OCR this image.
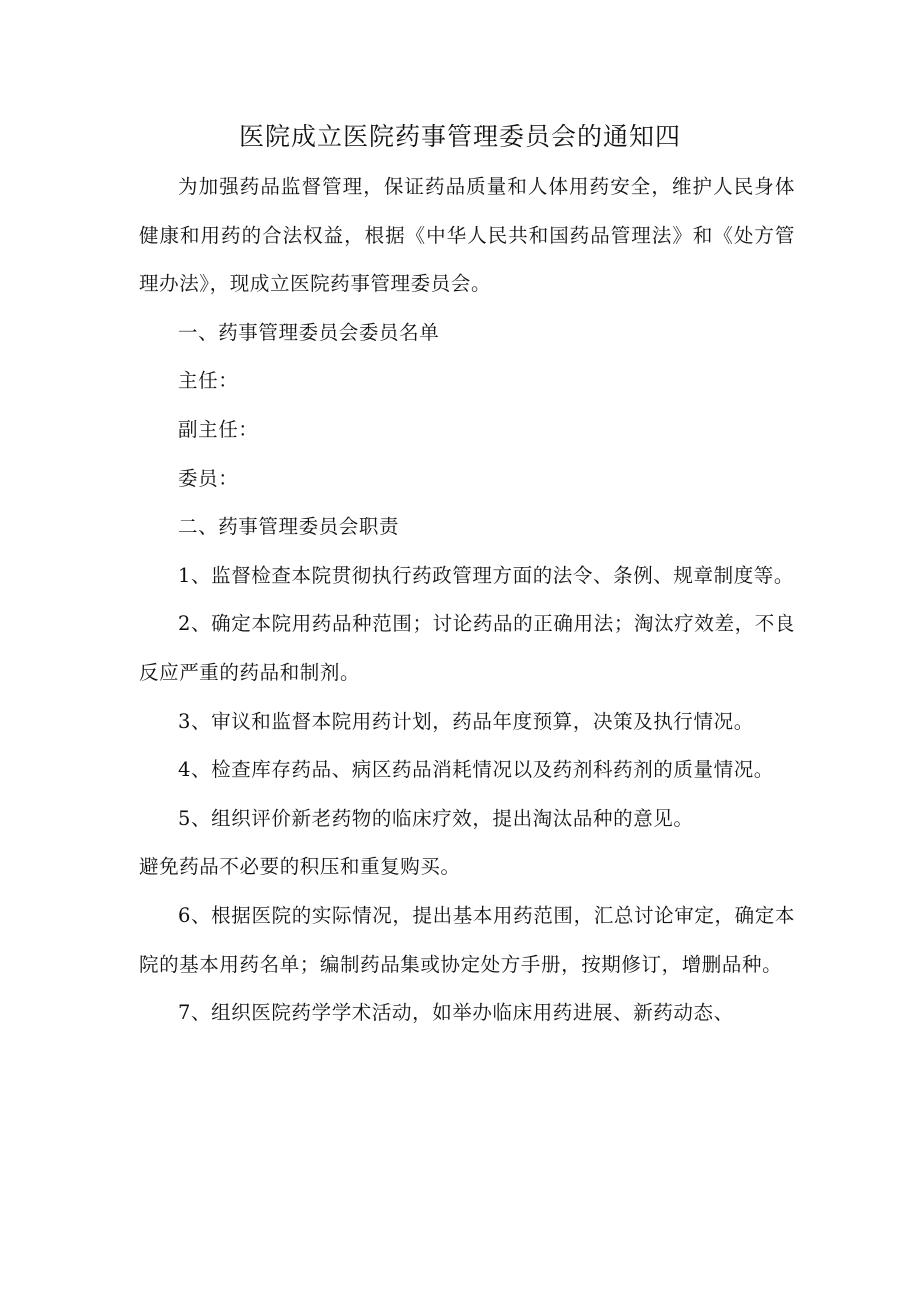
医院成立医院药事管理委员会的通知四

为加强药品监督管理，保证药品质量和人体用药安全，维护人民身体健康和用药的合法权益，根据《中华人民共和国药品管理法》和《处方管理办法》，现成立医院药事管理委员会。

一、药事管理委员会委员名单

主任：

副主任：

委员：

二、药事管理委员会职责

1、监督检查本院贯彻执行药政管理方面的法令、条例、规章制度等。

2、确定本院用药品种范围；讨论药品的正确用法；淘汰疗效差，不良反应严重的药品和制剂。

3、审议和监督本院用药计划，药品年度预算，决策及执行情况。

4、检查库存药品、病区药品消耗情况以及药剂科药剂的质量情况。

5、组织评价新老药物的临床疗效，提出淘汰品种的意见。

避免药品不必要的积压和重复购买。

6、根据医院的实际情况，提出基本用药范围，汇总讨论审定，确定本院的基本用药名单；编制药品集或协定处方手册，按期修订，增删品种。

7、组织医院药学学术活动，如举办临床用药进展、新药动态、
